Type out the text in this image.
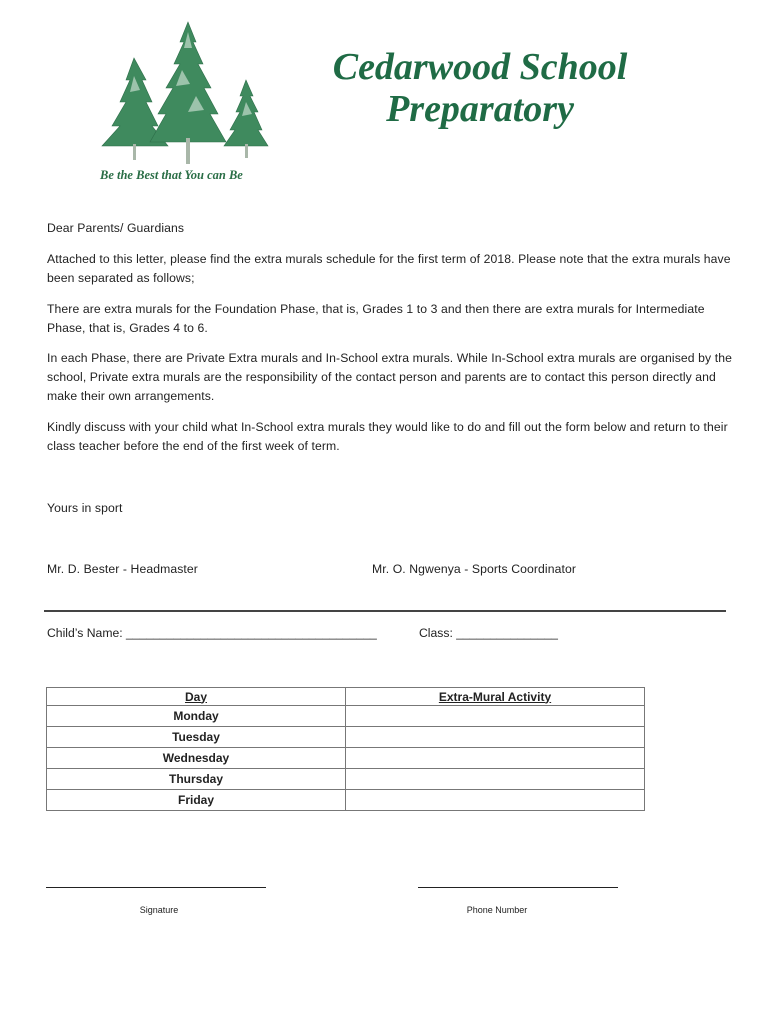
Be the Best that You can Be
Cedarwood School
Preparatory
Dear Parents/ Guardians
Attached to this letter, please find the extra murals schedule for the first term of 2018. Please note that the extra murals have been separated as follows;
There are extra murals for the Foundation Phase, that is, Grades 1 to 3 and then there are extra murals for Intermediate Phase, that is, Grades 4 to 6.
In each Phase, there are Private Extra murals and In-School extra murals. While In-School extra murals are organised by the school, Private extra murals are the responsibility of the contact person and parents are to contact this person directly and make their own arrangements.
Kindly discuss with your child what In-School extra murals they would like to do and fill out the form below and return to their class teacher before the end of the first week of term.
Yours in sport
Mr. D. Bester - Headmaster	Mr. O. Ngwenya - Sports Coordinator
Child’s Name: _____________________________________	Class: _______________
Day	Extra-Mural Activity
Monday	
Tuesday	
Wednesday	
Thursday	
Friday	
Signature	Phone Number
